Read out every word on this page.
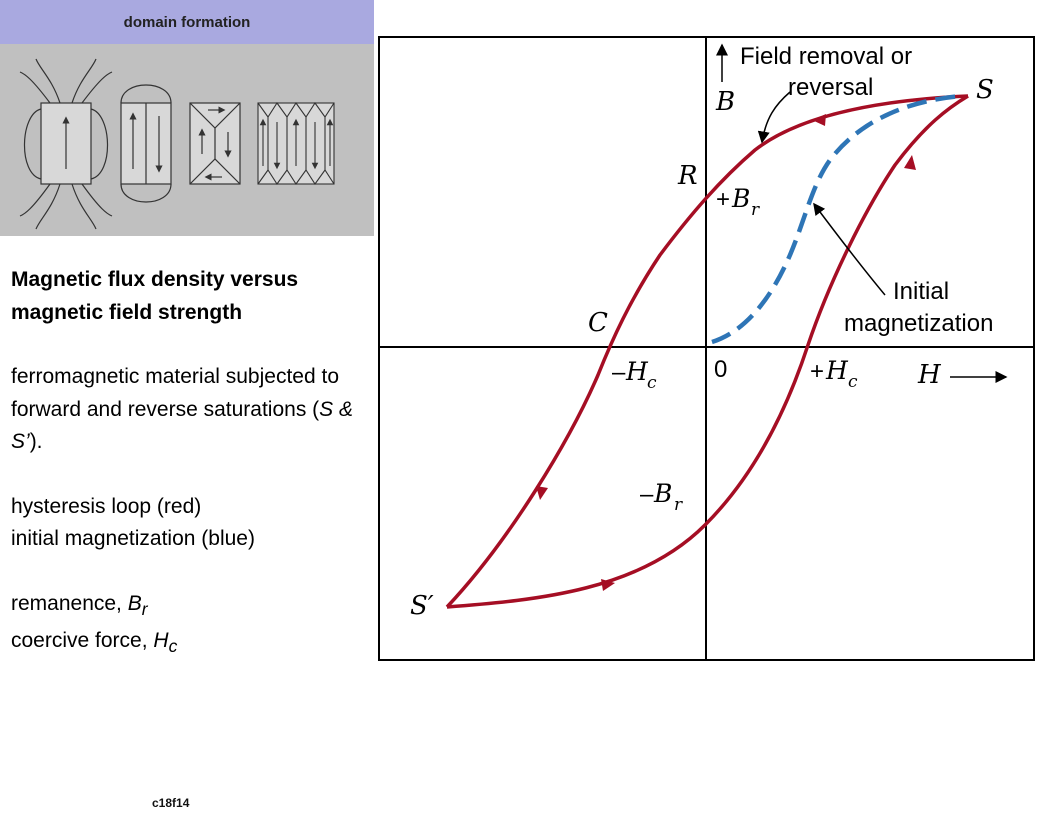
domain formation
Magnetic flux density versus magnetic field strength
ferromagnetic material subjected to forward and reverse saturations (S & S’).
hysteresis loop (red)
initial magnetization (blue)
remanence, $B_r$
coercive force, $H_c$
c18f14
Field removal or
reversal
Initial
magnetization
S
S′
R
C
0
B
H
+ B r
– B r
– H c	+ H c
